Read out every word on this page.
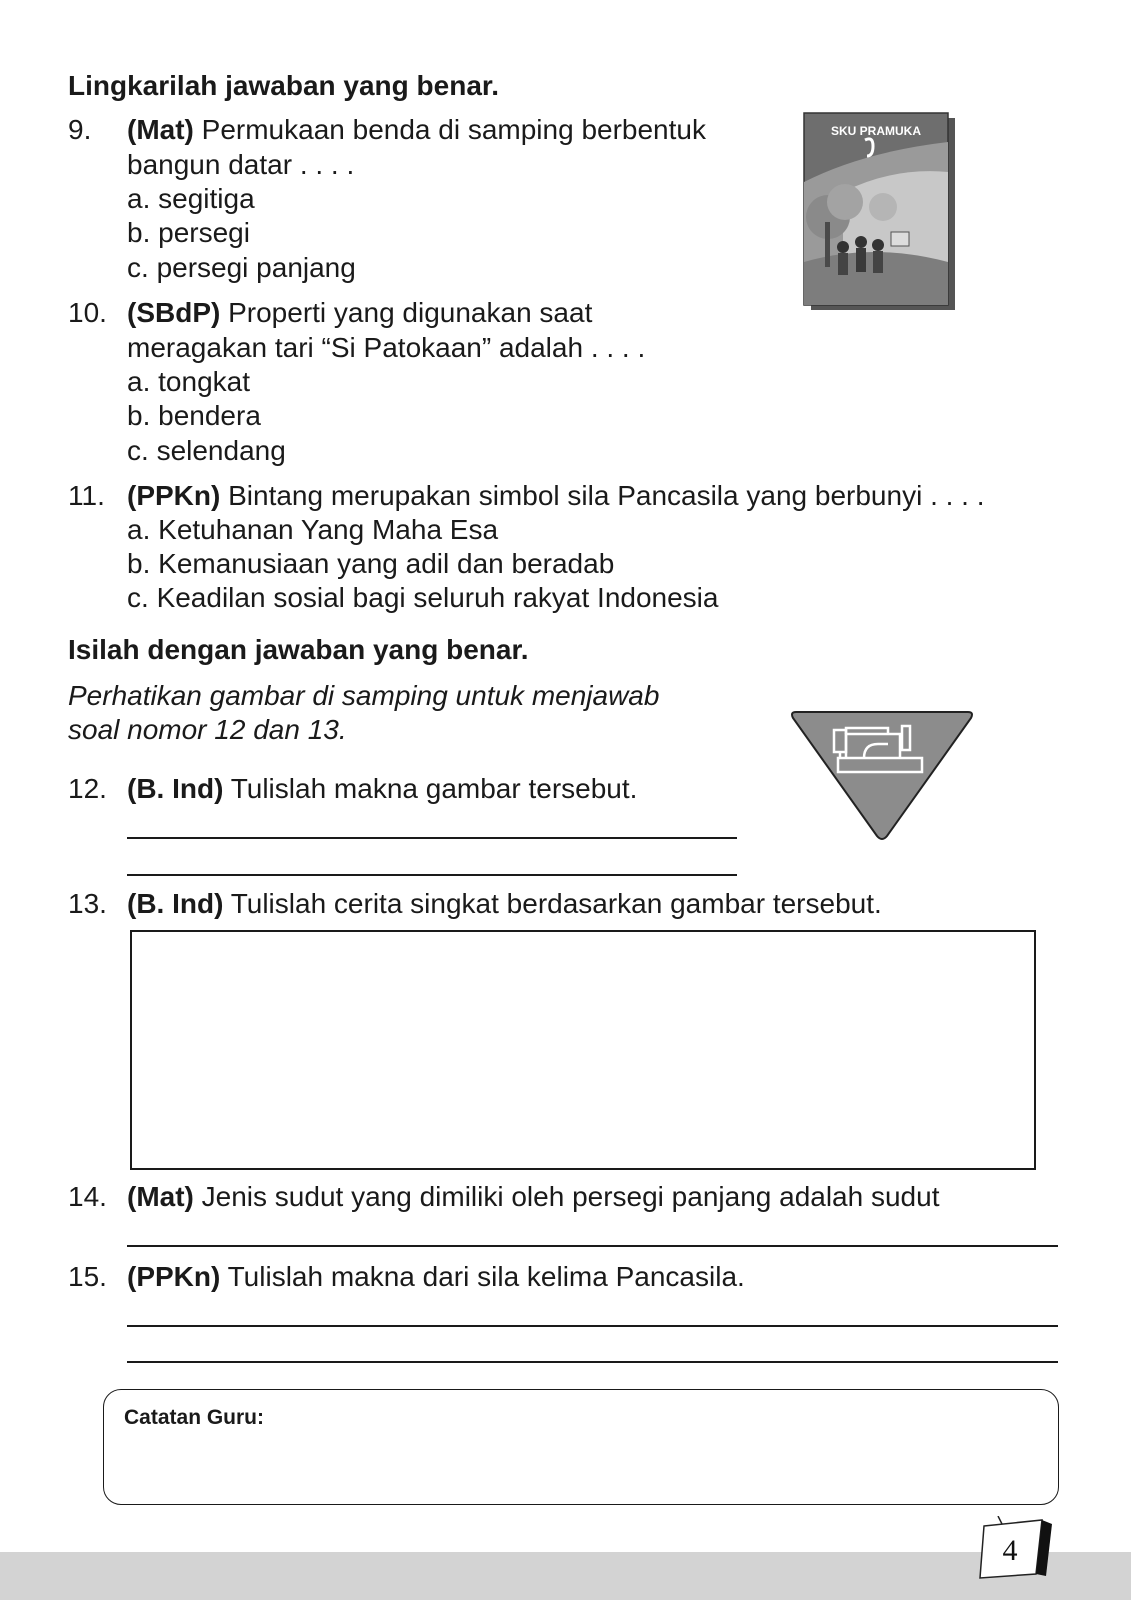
Lingkarilah jawaban yang benar.
9. (Mat) Permukaan benda di samping berbentuk
bangun datar . . . .
a. segitiga
b. persegi
c. persegi panjang
SKU PRAMUKA
10. (SBdP) Properti yang digunakan saat
meragakan tari “Si Patokaan” adalah . . . .
a. tongkat
b. bendera
c. selendang
11. (PPKn) Bintang merupakan simbol sila Pancasila yang berbunyi . . . .
a. Ketuhanan Yang Maha Esa
b. Kemanusiaan yang adil dan beradab
c. Keadilan sosial bagi seluruh rakyat Indonesia
Isilah dengan jawaban yang benar.
Perhatikan gambar di samping untuk menjawab
soal nomor 12 dan 13.
12. (B. Ind) Tulislah makna gambar tersebut.
13. (B. Ind) Tulislah cerita singkat berdasarkan gambar tersebut.
14. (Mat) Jenis sudut yang dimiliki oleh persegi panjang adalah sudut
15. (PPKn) Tulislah makna dari sila kelima Pancasila.
Catatan Guru:
4
